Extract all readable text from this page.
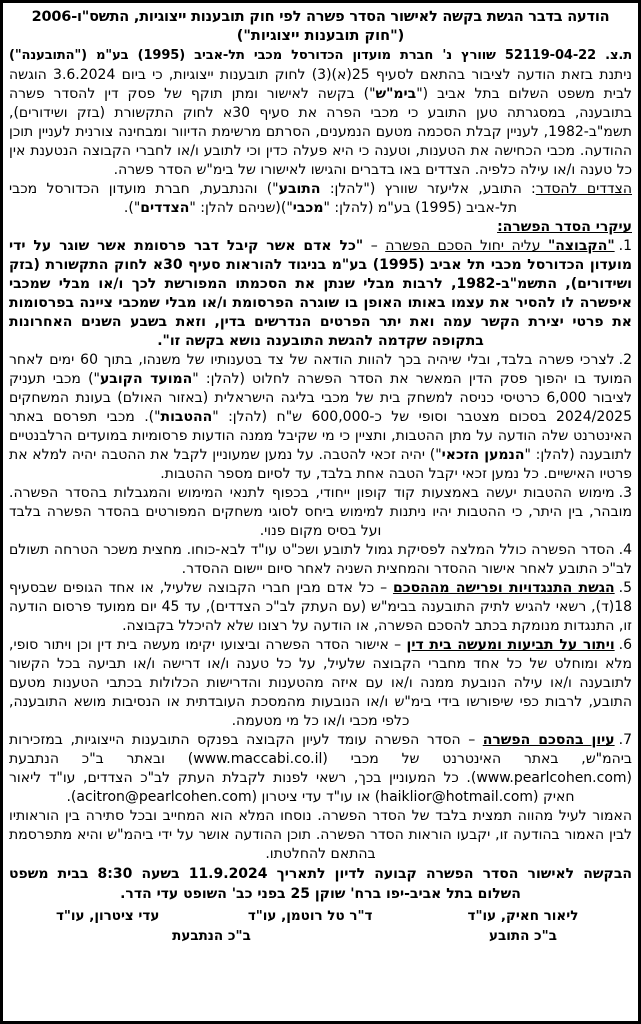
הודעה בדבר הגשת בקשה לאישור הסדר פשרה לפי חוק תובענות ייצוגיות, התשס"ו-2006

("חוק תובענות ייצוגיות")

ת.צ. 52119-04-22 שוורץ נ' חברת מועדון הכדורסל מכבי תל-אביב (1995) בע"מ ("התובענה")

ניתנת בזאת הודעה לציבור בהתאם לסעיף 25(א)(3) לחוק תובענות ייצוגיות, כי ביום 3.6.2024 הוגשה לבית משפט השלום בתל אביב ("בימ"ש") בקשה לאישור ומתן תוקף של פסק דין להסדר פשרה בתובענה, במסגרתה טען התובע כי מכבי הפרה את סעיף 30א לחוק התקשורת (בזק ושידורים), תשמ"ב-1982, לעניין קבלת הסכמה מטעם הנמענים, הסרתם מרשימת הדיוור ומבחינה צורנית לעניין תוכן ההודעה. מכבי הכחישה את הטענות, וטענה כי היא פעלה כדין וכי לתובע ו/או לחברי הקבוצה הנטענת אין כל טענה ו/או עילה כלפיה. הצדדים באו בדברים והגישו לאישורו של בימ"ש הסדר פשרה.

הצדדים להסדר: התובע, אליעזר שוורץ ("להלן: התובע") והנתבעת, חברת מועדון הכדורסל מכבי תל-אביב (1995) בע"מ (להלן: "מכבי")(שניהם להלן: "הצדדים").

עיקרי הסדר הפשרה:

1."הקבוצה" עליה יחול הסכם הפשרה – "כל אדם אשר קיבל דבר פרסומת אשר שוגר על ידי מועדון הכדורסל מכבי תל אביב (1995) בע"מ בניגוד להוראות סעיף 30א לחוק התקשורת (בזק ושידורים), התשמ"ב-1982, לרבות מבלי שנתן את הסכמתו המפורשת לכך ו/או מבלי שמכבי איפשרה לו להסיר את עצמו באותו האופן בו שוגרה הפרסומת ו/או מבלי שמכבי ציינה בפרסומות את פרטי יצירת הקשר עמה ואת יתר הפרטים הנדרשים בדין, וזאת בשבע השנים האחרונות בתקופה שקדמה להגשת התובענה נושא בקשה זו".
2.לצרכי פשרה בלבד, ובלי שיהיה בכך להוות הודאה של צד בטענותיו של משנהו, בתוך 60 ימים לאחר המועד בו יהפוך פסק הדין המאשר את הסדר הפשרה לחלוט (להלן: "המועד הקובע") מכבי תעניק לציבור 6,000 כרטיסי כניסה למשחק בית של מכבי בליגה הישראלית (באזור האולם) בעונת המשחקים 2024/2025 בסכום מצטבר וסופי של כ-600,000 ש"ח (להלן: "ההטבות"). מכבי תפרסם באתר האינטרנט שלה הודעה על מתן ההטבות, ותציין כי מי שקיבל ממנה הודעות פרסומיות במועדים הרלבנטיים לתובענה (להלן: "הנמען הזכאי") יהיה זכאי להטבה. על נמען שמעוניין לקבל את ההטבה יהיה למלא את פרטיו האישיים. כל נמען זכאי יקבל הטבה אחת בלבד, עד לסיום מספר ההטבות.
3.מימוש ההטבות יעשה באמצעות קוד קופון ייחודי, בכפוף לתנאי המימוש והמגבלות בהסדר הפשרה. מובהר, בין היתר, כי ההטבות יהיו ניתנות למימוש ביחס לסוגי משחקים המפורטים בהסדר הפשרה בלבד ועל בסיס מקום פנוי.
4.הסדר הפשרה כולל המלצה לפסיקת גמול לתובע ושכ"ט עו"ד לבא-כוחו. מחצית משכר הטרחה תשולם לב"כ התובע לאחר אישור ההסדר והמחצית השניה לאחר סיום יישום ההסדר.
5.הגשת התנגדויות ופרישה מההסכם – כל אדם מבין חברי הקבוצה שלעיל, או אחד הגופים שבסעיף 18(ד), רשאי להגיש לתיק התובענה בבימ"ש (עם העתק לב"כ הצדדים), עד 45 יום ממועד פרסום הודעה זו, התנגדות מנומקת בכתב להסכם הפשרה, או הודעה על רצונו שלא להיכלל בקבוצה.
6.ויתור על תביעות ומעשה בית דין – אישור הסדר הפשרה וביצועו יקימו מעשה בית דין וכן ויתור סופי, מלא ומוחלט של כל אחד מחברי הקבוצה שלעיל, על כל טענה ו/או דרישה ו/או תביעה בכל הקשור לתובענה ו/או עילה הנובעת ממנה ו/או עם איזה מהטענות והדרישות הכלולות בכתבי הטענות מטעם התובע, לרבות כפי שיפורשו בידי בימ"ש ו/או הנובעות מהמסכת העובדתית או הנסיבות מושא התובענה, כלפי מכבי ו/או כל מי מטעמה.
7.עיון בהסכם הפשרה – הסדר הפשרה עומד לעיון הקבוצה בפנקס התובענות הייצוגיות, במזכירות ביהמ"ש, באתר האינטרנט של מכבי (www.maccabi.co.il) ובאתר ב"כ הנתבעת (www.pearlcohen.com). כל המעוניין בכך, רשאי לפנות לקבלת העתק לב"כ הצדדים, עו"ד ליאור חאיק (haiklior@hotmail.com) או עו"ד עדי ציטרון (acitron@pearlcohen.com).

האמור לעיל מהווה תמצית בלבד של הסדר הפשרה. נוסחו המלא הוא המחייב ובכל סתירה בין הוראותיו לבין האמור בהודעה זו, יקבעו הוראות הסדר הפשרה. תוכן ההודעה אושר על ידי ביהמ"ש והיא מתפרסמת בהתאם להחלטתו.

הבקשה לאישור הסדר הפשרה קבועה לדיון לתאריך 11.9.2024 בשעה 8:30 בבית משפט השלום בתל אביב-יפו ברח' שוקן 25 בפני כב' השופט עדי הדר.

ליאור חאיק, עו"ד
ד"ר טל רוטמן, עו"ד
עדי ציטרון, עו"ד
ב"כ התובע
ב"כ הנתבעת
